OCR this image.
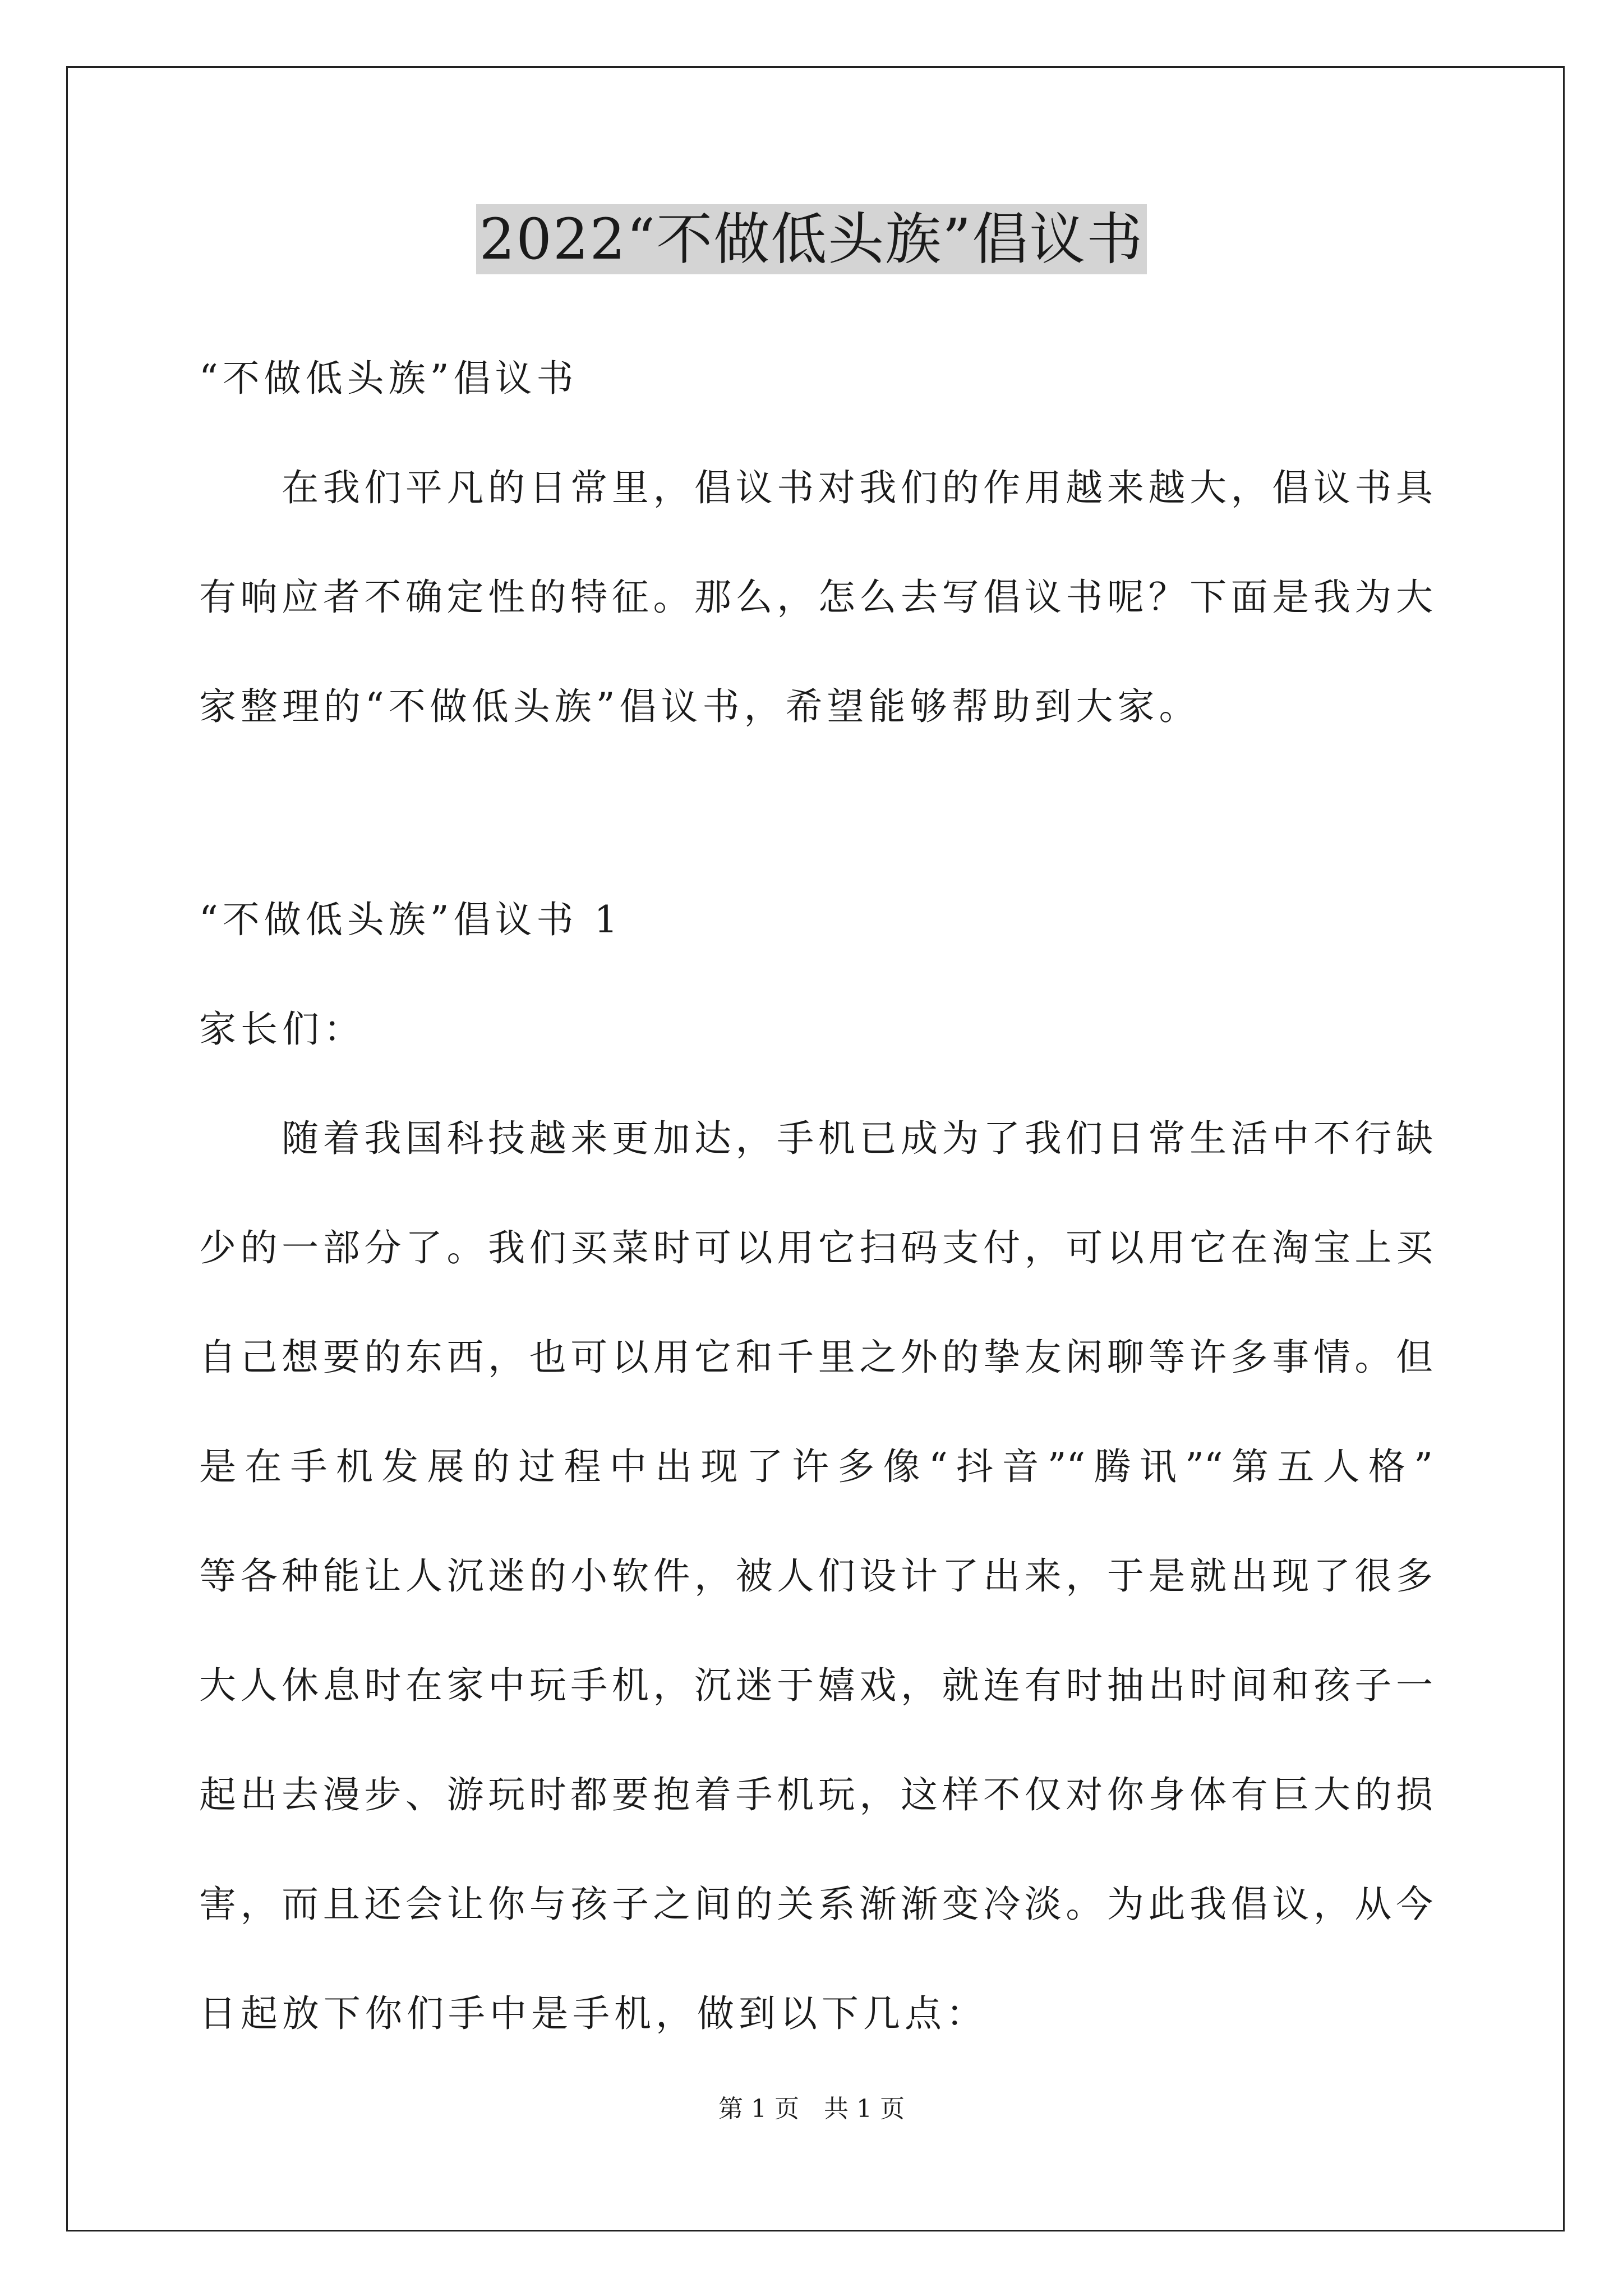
2022“不做低头族”倡议书
“不做低头族”倡议书
　　在我们平凡的日常里，倡议书对我们的作用越来越大，倡议书具
有响应者不确定性的特征。那么，怎么去写倡议书呢？下面是我为大
家整理的“不做低头族”倡议书，希望能够帮助到大家。
“不做低头族”倡议书 1
家长们：
　　随着我国科技越来更加达，手机已成为了我们日常生活中不行缺
少的一部分了。我们买菜时可以用它扫码支付，可以用它在淘宝上买
自己想要的东西，也可以用它和千里之外的挚友闲聊等许多事情。但
是在手机发展的过程中出现了许多像“抖音”“腾讯”“第五人格”
等各种能让人沉迷的小软件，被人们设计了出来，于是就出现了很多
大人休息时在家中玩手机，沉迷于嬉戏，就连有时抽出时间和孩子一
起出去漫步、游玩时都要抱着手机玩，这样不仅对你身体有巨大的损
害，而且还会让你与孩子之间的关系渐渐变冷淡。为此我倡议，从今
日起放下你们手中是手机，做到以下几点：
第 1 页　共 1 页
